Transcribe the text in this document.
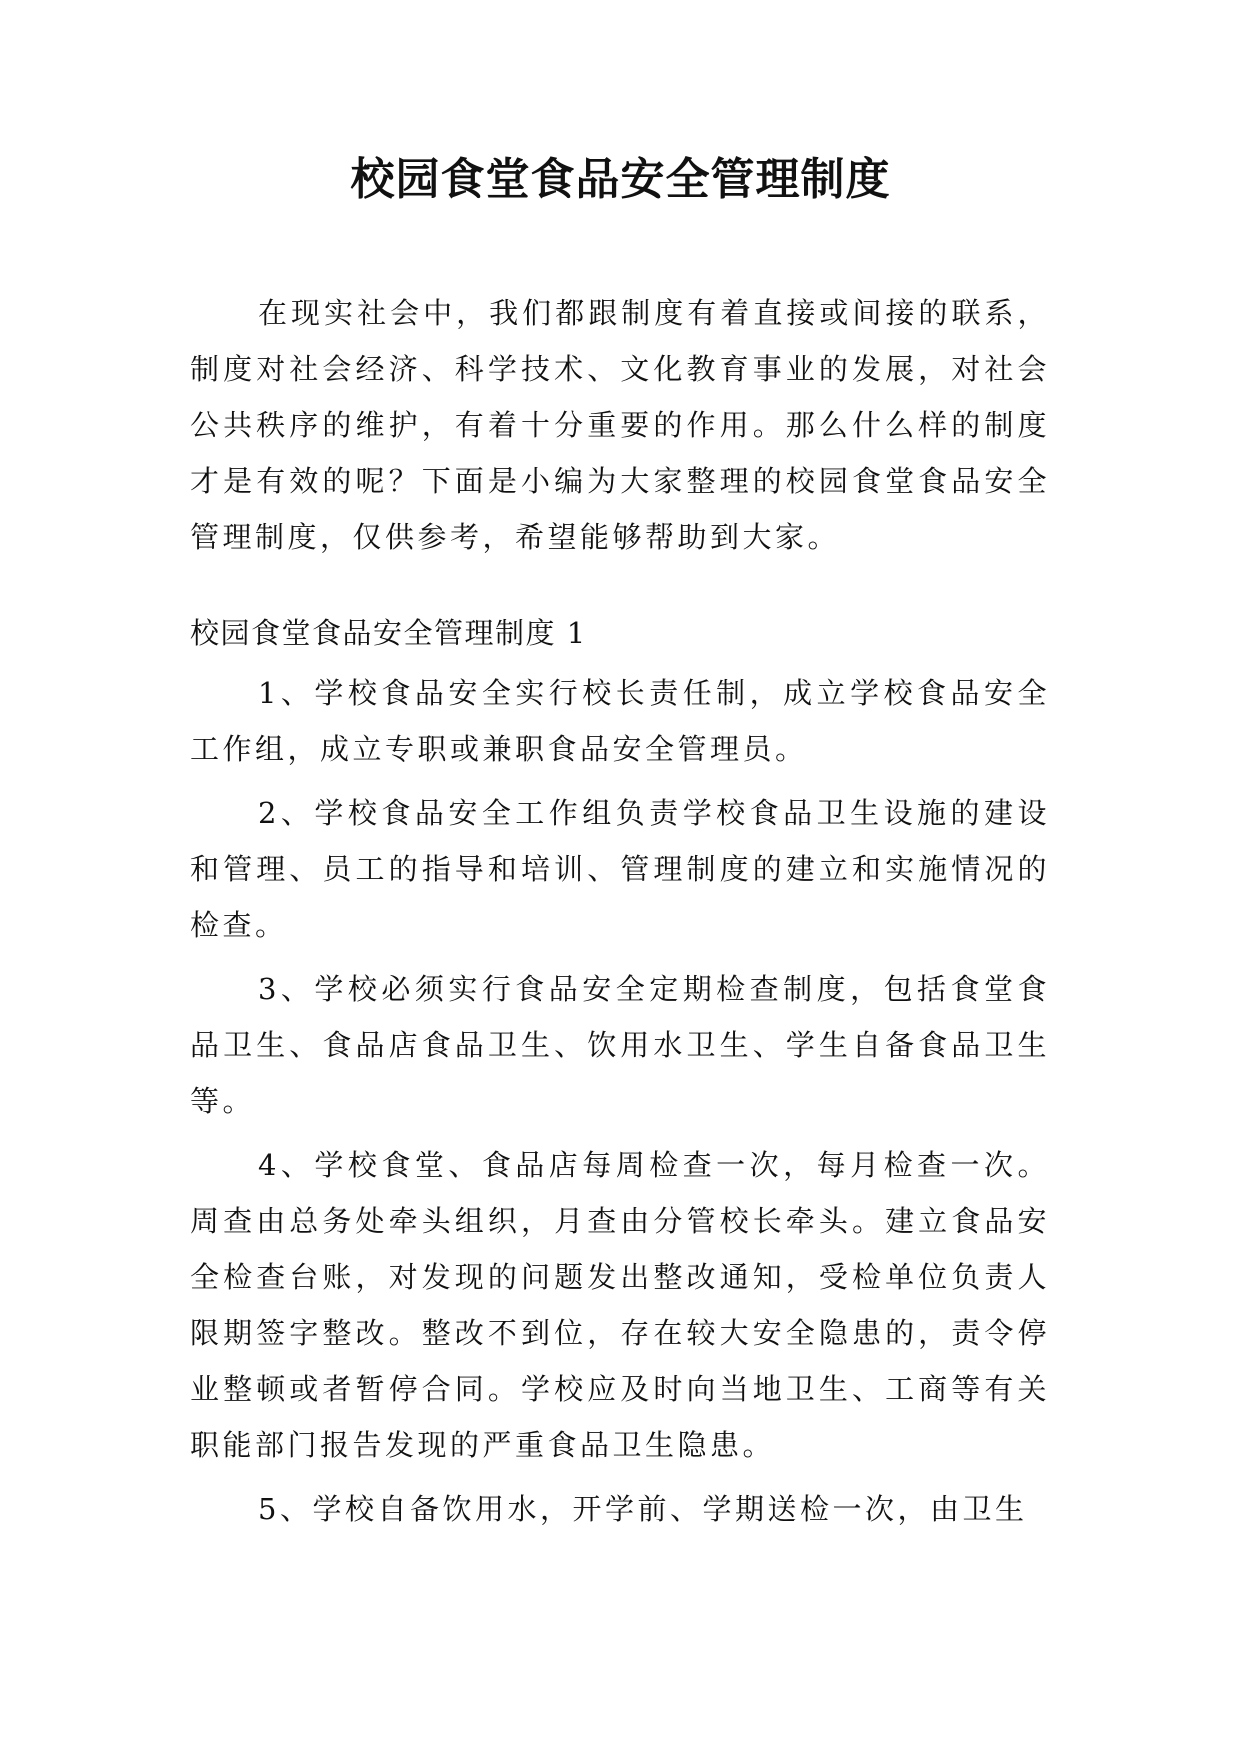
校园食堂食品安全管理制度

在现实社会中，我们都跟制度有着直接或间接的联系，制度对社会经济、科学技术、文化教育事业的发展，对社会公共秩序的维护，有着十分重要的作用。那么什么样的制度才是有效的呢？下面是小编为大家整理的校园食堂食品安全管理制度，仅供参考，希望能够帮助到大家。

校园食堂食品安全管理制度 1

1、学校食品安全实行校长责任制，成立学校食品安全工作组，成立专职或兼职食品安全管理员。

2、学校食品安全工作组负责学校食品卫生设施的建设和管理、员工的指导和培训、管理制度的建立和实施情况的检查。

3、学校必须实行食品安全定期检查制度，包括食堂食品卫生、食品店食品卫生、饮用水卫生、学生自备食品卫生等。

4、学校食堂、食品店每周检查一次，每月检查一次。周查由总务处牵头组织，月查由分管校长牵头。建立食品安全检查台账，对发现的问题发出整改通知，受检单位负责人限期签字整改。整改不到位，存在较大安全隐患的，责令停业整顿或者暂停合同。学校应及时向当地卫生、工商等有关职能部门报告发现的严重食品卫生隐患。

5、学校自备饮用水，开学前、学期送检一次，由卫生
